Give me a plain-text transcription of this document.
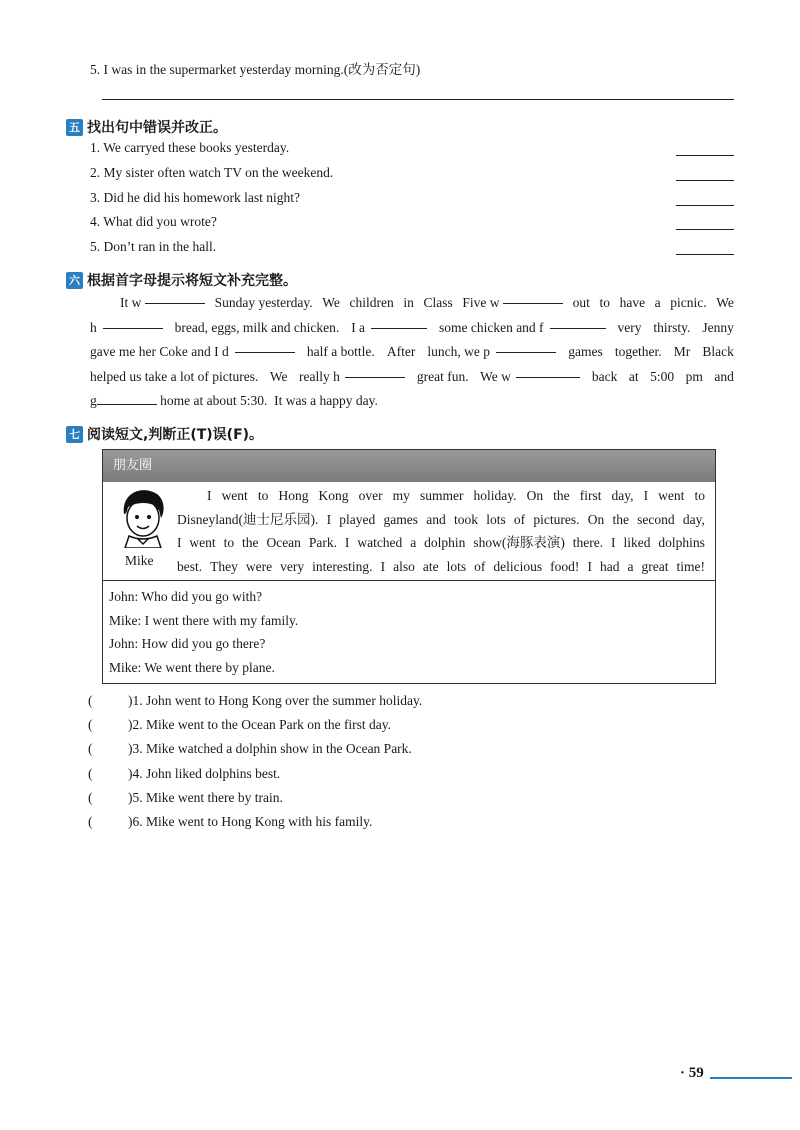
5. I was in the supermarket yesterday morning.(改为否定句)
五 找出句中错误并改正。
1. We carryed these books yesterday.
2. My sister often watch TV on the weekend.
3. Did he did his homework last night?
4. What did you wrote?
5. Don’t ran in the hall.
六 根据首字母提示将短文补充完整。
It w	Sunday yesterday. We children in Class Five w	out to have a picnic. We
h	bread, eggs, milk and chicken. I a	some chicken and f	very thirsty. Jenny
gave me her Coke and I d	half a bottle. After lunch, we p	games together. Mr Black
helped us take a lot of pictures. We really h	great fun. We w	back at 5:00 pm and
g	home at about 5:30. It was a happy day.
七 阅读短文,判断正(T)误(F)。
朋友圈
Mike
I went to Hong Kong over my summer holiday. On the first day, I went to
Disneyland(迪士尼乐园). I played games and took lots of pictures. On the second day,
I went to the Ocean Park. I watched a dolphin show(海豚表演) there. I liked dolphins
best. They were very interesting. I also ate lots of delicious food! I had a great time!
John: Who did you go with?
Mike: I went there with my family.
John: How did you go there?
Mike: We went there by plane.
(	)1. John went to Hong Kong over the summer holiday.
(	)2. Mike went to the Ocean Park on the first day.
(	)3. Mike watched a dolphin show in the Ocean Park.
(	)4. John liked dolphins best.
(	)5. Mike went there by train.
(	)6. Mike went to Hong Kong with his family.
· 59
